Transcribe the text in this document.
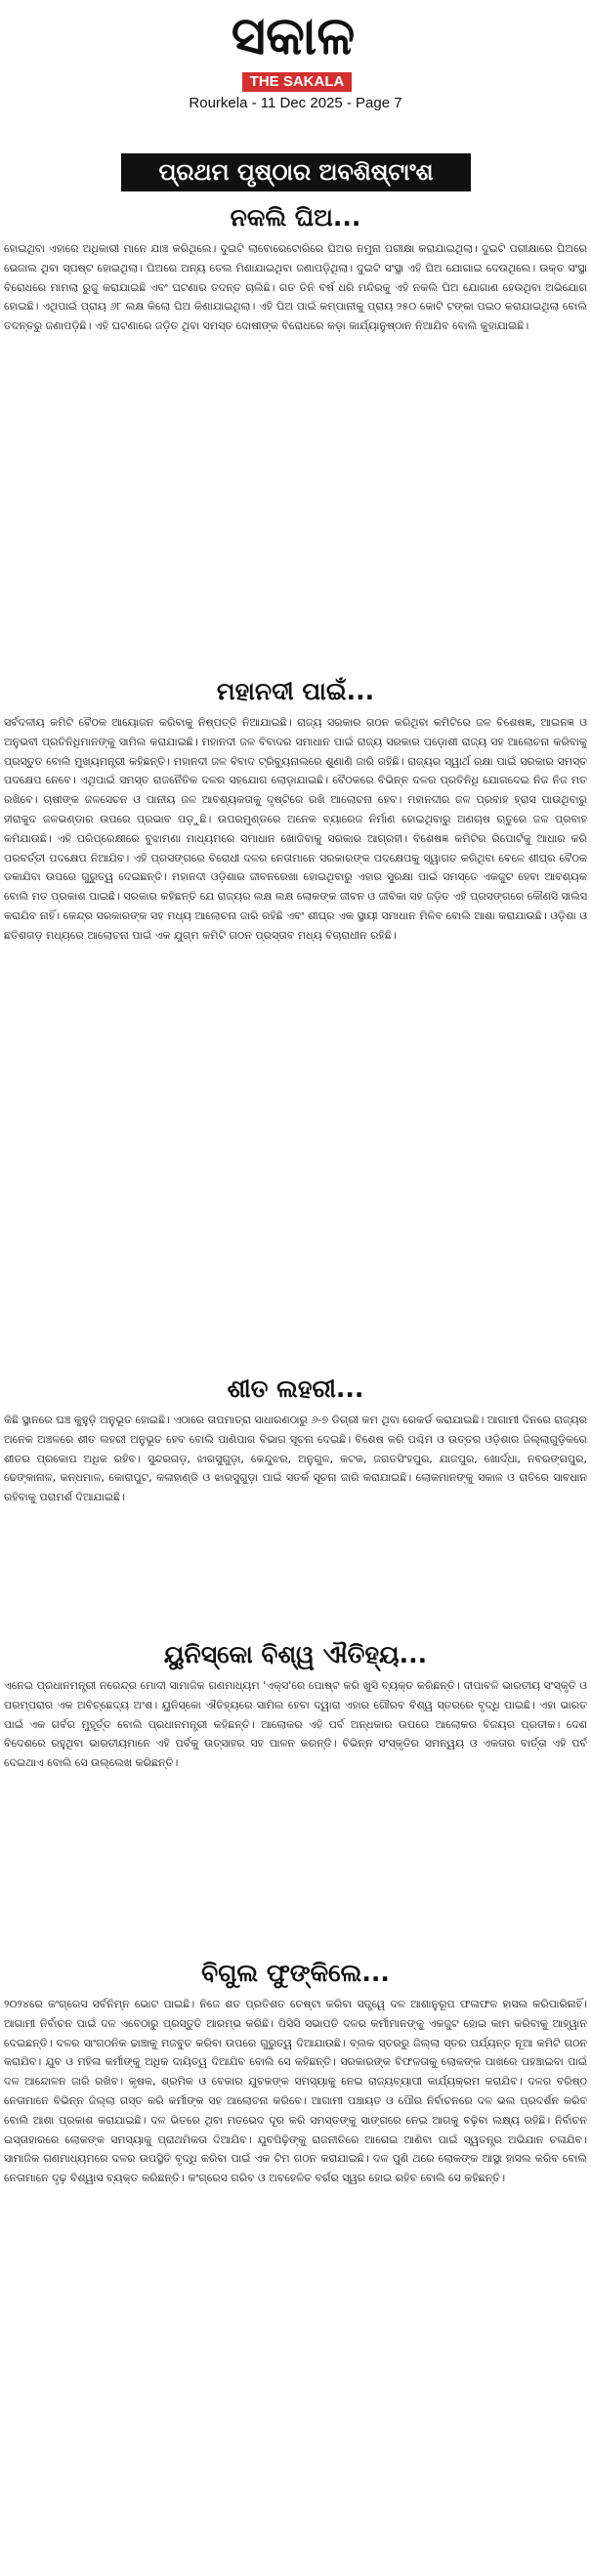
ସକାଳ
THE SAKALA
Rourkela - 11 Dec 2025 - Page 7
ପ୍ରଥମ ପୃଷ୍ଠାର ଅବଶିଷ୍ଟାଂଶ
ନକଲି ଘିଅ...

ହୋଇଥିବା ଏହାରେ ଅଧିକାରୀ ମାନେ ଯାଞ୍ଚ କରିଥିଲେ। ଦୁଇଟି ଲାବୋରେଟୋରିରେ ଘିଅର ନମୁନା ପରୀକ୍ଷା କରାଯାଇଥିଲା। ଦୁଇଟି ପରୀକ୍ଷାରେ ଘିଅରେ ଭେଜାଲ ଥିବା ସ୍ପଷ୍ଟ ହୋଇଥିଲା। ଘିଅରେ ଅନ୍ୟ ତେଲ ମିଶାଯାଇଥିବା ଜଣାପଡ଼ିଥିଲା। ଦୁଇଟି ସଂସ୍ଥା ଏହି ଘିଅ ଯୋଗାଇ ଦେଉଥିଲେ। ଉକ୍ତ ସଂସ୍ଥା ବିରୋଧରେ ମାମଲା ରୁଜୁ କରାଯାଇଛି ଏବଂ ଘଟଣାର ତଦନ୍ତ ଚାଲିଛି। ଗତ ତିନି ବର୍ଷ ଧରି ମନ୍ଦିରକୁ ଏହି ନକଲି ଘିଅ ଯୋଗାଣ ହେଉଥିବା ଅଭିଯୋଗ ହୋଇଛି। ଏଥିପାଇଁ ପ୍ରାୟ ୬୮ ଲକ୍ଷ କିଲୋ ଘିଅ କିଣାଯାଇଥିଲା। ଏହି ଘିଅ ପାଇଁ କମ୍ପାନୀକୁ ପ୍ରାୟ ୨୫୦ କୋଟି ଟଙ୍କା ପଇଠ କରାଯାଇଥିଲା ବୋଲି ତଦନ୍ତରୁ ଜଣାପଡ଼ିଛି। ଏହି ଘଟଣାରେ ଜଡ଼ିତ ଥିବା ସମସ୍ତ ଦୋଷୀଙ୍କ ବିରୋଧରେ କଡ଼ା କାର୍ଯ୍ୟାନୁଷ୍ଠାନ ନିଆଯିବ ବୋଲି କୁହାଯାଇଛି।

ମହାନଦୀ ପାଇଁ...

ସର୍ବଦଳୀୟ କମିଟି ବୈଠକ ଆୟୋଜନ କରିବାକୁ ନିଷ୍ପତ୍ତି ନିଆଯାଇଛି। ରାଜ୍ୟ ସରକାର ଗଠନ କରିଥିବା କମିଟିରେ ଜଳ ବିଶେଷଜ୍ଞ, ଆଇନଜ୍ଞ ଓ ଅନୁଭବୀ ପ୍ରତିନିଧିମାନଙ୍କୁ ସାମିଲ କରାଯାଇଛି। ମହାନଦୀ ଜଳ ବିବାଦର ସମାଧାନ ପାଇଁ ରାଜ୍ୟ ସରକାର ପଡ଼ୋଶୀ ରାଜ୍ୟ ସହ ଆଲୋଚନା କରିବାକୁ ପ୍ରସ୍ତୁତ ବୋଲି ମୁଖ୍ୟମନ୍ତ୍ରୀ କହିଛନ୍ତି। ମହାନଦୀ ଜଳ ବିବାଦ ଟ୍ରିବ୍ୟୁନାଲରେ ଶୁଣାଣି ଜାରି ରହିଛି। ରାଜ୍ୟର ସ୍ୱାର୍ଥ ରକ୍ଷା ପାଇଁ ସରକାର ସମସ୍ତ ପଦକ୍ଷେପ ନେବେ। ଏଥିପାଇଁ ସମସ୍ତ ରାଜନୈତିକ ଦଳର ସହଯୋଗ ଲୋଡ଼ାଯାଇଛି। ବୈଠକରେ ବିଭିନ୍ନ ଦଳର ପ୍ରତିନିଧି ଯୋଗଦେଇ ନିଜ ନିଜ ମତ ରଖିବେ। ଚାଷୀଙ୍କ ଜଳସେଚନ ଓ ପାନୀୟ ଜଳ ଆବଶ୍ୟକତାକୁ ଦୃଷ୍ଟିରେ ରଖି ଆଲୋଚନା ହେବ। ମହାନଦୀର ଜଳ ପ୍ରବାହ ହ୍ରାସ ପାଉଥିବାରୁ ହୀରାକୁଦ ଜଳଭଣ୍ଡାର ଉପରେ ପ୍ରଭାବ ପଡ଼ୁଛି। ଉପରମୁଣ୍ଡରେ ଅନେକ ବ୍ୟାରେଜ ନିର୍ମାଣ ହୋଇଥିବାରୁ ଅଣଚାଷ ଋତୁରେ ଜଳ ପ୍ରବାହ କମିଯାଉଛି। ଏହି ପରିପ୍ରେକ୍ଷୀରେ ବୁଝାମଣା ମାଧ୍ୟମରେ ସମାଧାନ ଖୋଜିବାକୁ ସରକାର ଆଗ୍ରହୀ। ବିଶେଷଜ୍ଞ କମିଟିର ରିପୋର୍ଟକୁ ଆଧାର କରି ପରବର୍ତ୍ତୀ ପଦକ୍ଷେପ ନିଆଯିବ। ଏହି ପ୍ରସଙ୍ଗରେ ବିରୋଧୀ ଦଳର ନେତାମାନେ ସରକାରଙ୍କ ପଦକ୍ଷେପକୁ ସ୍ୱାଗତ କରିଥିବା ବେଳେ ଶୀଘ୍ର ବୈଠକ ଡକାଯିବା ଉପରେ ଗୁରୁତ୍ୱ ଦେଇଛନ୍ତି। ମହାନଦୀ ଓଡ଼ିଶାର ଜୀବନରେଖା ହୋଇଥିବାରୁ ଏହାର ସୁରକ୍ଷା ପାଇଁ ସମସ୍ତେ ଏକଜୁଟ ହେବା ଆବଶ୍ୟକ ବୋଲି ମତ ପ୍ରକାଶ ପାଇଛି। ସରକାର କହିଛନ୍ତି ଯେ ରାଜ୍ୟର ଲକ୍ଷ ଲକ୍ଷ ଲୋକଙ୍କ ଜୀବନ ଓ ଜୀବିକା ସହ ଜଡ଼ିତ ଏହି ପ୍ରସଙ୍ଗରେ କୌଣସି ସାଲିସ କରାଯିବ ନାହିଁ। କେନ୍ଦ୍ର ସରକାରଙ୍କ ସହ ମଧ୍ୟ ଆଲୋଚନା ଜାରି ରହିଛି ଏବଂ ଶୀଘ୍ର ଏକ ସ୍ଥାୟୀ ସମାଧାନ ମିଳିବ ବୋଲି ଆଶା କରାଯାଉଛି। ଓଡ଼ିଶା ଓ ଛତିଶଗଡ଼ ମଧ୍ୟରେ ଆଲୋଚନା ପାଇଁ ଏକ ଯୁଗ୍ମ କମିଟି ଗଠନ ପ୍ରସ୍ତାବ ମଧ୍ୟ ବିଚାରାଧୀନ ରହିଛି।

ଶୀତ ଲହରୀ...

କିଛି ସ୍ଥାନରେ ଘଞ୍ଚ କୁହୁଡ଼ି ଅନୁଭୂତ ହୋଇଛି। ଏଠାରେ ତାପମାତ୍ରା ସାଧାରଣଠାରୁ ୬-୭ ଡିଗ୍ରୀ କମ ଥିବା ରେକର୍ଡ କରାଯାଇଛି। ଆଗାମୀ ଦିନରେ ରାଜ୍ୟର ଅନେକ ଅଞ୍ଚଳରେ ଶୀତ ଲହରୀ ଅନୁଭୂତ ହେବ ବୋଲି ପାଣିପାଗ ବିଭାଗ ସୂଚନା ଦେଇଛି। ବିଶେଷ କରି ପଶ୍ଚିମ ଓ ଉତ୍ତର ଓଡ଼ିଶାର ଜିଲ୍ଲାଗୁଡ଼ିକରେ ଶୀତର ପ୍ରକୋପ ଅଧିକ ରହିବ। ସୁନ୍ଦରଗଡ଼, ଝାରସୁଗୁଡ଼ା, କେନ୍ଦୁଝର, ଅନୁଗୁଳ, କଟକ, ଜଗତସିଂହପୁର, ଯାଜପୁର, ଖୋର୍ଦ୍ଧା, ନବରଙ୍ଗପୁର, ଢେଙ୍କାନାଳ, କନ୍ଧମାଳ, କୋରାପୁଟ, କଳାହାଣ୍ଡି ଓ ଝାରସୁଗୁଡ଼ା ପାଇଁ ସତର୍କ ସୂଚନା ଜାରି କରାଯାଇଛି। ଲୋକମାନଙ୍କୁ ସକାଳ ଓ ରାତିରେ ସାବଧାନ ରହିବାକୁ ପରାମର୍ଶ ଦିଆଯାଇଛି।

ୟୁନିସ୍କୋ ବିଶ୍ୱ ଐତିହ୍ୟ...

ଏନେଇ ପ୍ରଧାନମନ୍ତ୍ରୀ ନରେନ୍ଦ୍ର ମୋଦୀ ସାମାଜିକ ଗଣମାଧ୍ୟମ 'ଏକ୍ସ'ରେ ପୋଷ୍ଟ କରି ଖୁସି ବ୍ୟକ୍ତ କରିଛନ୍ତି। ଦୀପାବଳି ଭାରତୀୟ ସଂସ୍କୃତି ଓ ପରମ୍ପରାର ଏକ ଅବିଚ୍ଛେଦ୍ୟ ଅଂଶ। ୟୁନିସ୍କୋ ଐତିହ୍ୟରେ ସାମିଲ ହେବା ଦ୍ୱାରା ଏହାର ଗୌରବ ବିଶ୍ୱ ସ୍ତରରେ ବୃଦ୍ଧି ପାଇଛି। ଏହା ଭାରତ ପାଇଁ ଏକ ଗର୍ବର ମୁହୂର୍ତ୍ତ ବୋଲି ପ୍ରଧାନମନ୍ତ୍ରୀ କହିଛନ୍ତି। ଆଲୋକର ଏହି ପର୍ବ ଅନ୍ଧକାର ଉପରେ ଆଲୋକର ବିଜୟର ପ୍ରତୀକ। ଦେଶ ବିଦେଶରେ ରହୁଥିବା ଭାରତୀୟମାନେ ଏହି ପର୍ବକୁ ଉତ୍ସାହର ସହ ପାଳନ କରନ୍ତି। ବିଭିନ୍ନ ସଂସ୍କୃତିର ସମନ୍ୱୟ ଓ ଏକତାର ବାର୍ତ୍ତା ଏହି ପର୍ବ ଦେଇଥାଏ ବୋଲି ସେ ଉଲ୍ଲେଖ କରିଛନ୍ତି।

ବିଗୁଲ ଫୁଙ୍କିଲେ...

୨୦୨୪ରେ କଂଗ୍ରେସ ସର୍ବନିମ୍ନ ଭୋଟ ପାଇଛି। ନିଜେ ଶତ ପ୍ରତିଶତ ଚେଷ୍ଟା କରିବା ସତ୍ତ୍ୱେ ଦଳ ଆଶାନୁରୂପ ଫଳାଫଳ ହାସଲ କରିପାରିନାହିଁ। ଆଗାମୀ ନିର୍ବାଚନ ପାଇଁ ଦଳ ଏବେଠାରୁ ପ୍ରସ୍ତୁତି ଆରମ୍ଭ କରିଛି। ପିସିସି ସଭାପତି ଦଳର କର୍ମୀମାନଙ୍କୁ ଏକଜୁଟ ହୋଇ କାମ କରିବାକୁ ଆହ୍ୱାନ ଦେଇଛନ୍ତି। ଦଳର ସାଂଗଠନିକ ଢାଞ୍ଚାକୁ ମଜବୁତ କରିବା ଉପରେ ଗୁରୁତ୍ୱ ଦିଆଯାଉଛି। ବ୍ଲକ ସ୍ତରରୁ ଜିଲ୍ଲା ସ୍ତର ପର୍ଯ୍ୟନ୍ତ ନୂଆ କମିଟି ଗଠନ କରାଯିବ। ଯୁବ ଓ ମହିଳା କର୍ମୀଙ୍କୁ ଅଧିକ ଦାୟିତ୍ୱ ଦିଆଯିବ ବୋଲି ସେ କହିଛନ୍ତି। ସରକାରଙ୍କ ବିଫଳତାକୁ ଲୋକଙ୍କ ପାଖରେ ପହଞ୍ଚାଇବା ପାଇଁ ଦଳ ଆନ୍ଦୋଳନ ଜାରି ରଖିବ। କୃଷକ, ଶ୍ରମିକ ଓ ବେକାର ଯୁବକଙ୍କ ସମସ୍ୟାକୁ ନେଇ ରାଜ୍ୟବ୍ୟାପୀ କାର୍ଯ୍ୟକ୍ରମ କରାଯିବ। ଦଳର ବରିଷ୍ଠ ନେତାମାନେ ବିଭିନ୍ନ ଜିଲ୍ଲା ଗସ୍ତ କରି କର୍ମୀଙ୍କ ସହ ଆଲୋଚନା କରିବେ। ଆଗାମୀ ପଞ୍ଚାୟତ ଓ ପୌର ନିର୍ବାଚନରେ ଦଳ ଭଲ ପ୍ରଦର୍ଶନ କରିବ ବୋଲି ଆଶା ପ୍ରକାଶ କରାଯାଇଛି। ଦଳ ଭିତରେ ଥିବା ମତଭେଦ ଦୂର କରି ସମସ୍ତଙ୍କୁ ସାଙ୍ଗରେ ନେଇ ଆଗକୁ ବଢ଼ିବା ଲକ୍ଷ୍ୟ ରହିଛି। ନିର୍ବାଚନ ଇସ୍ତାହାରରେ ଲୋକଙ୍କ ସମସ୍ୟାକୁ ପ୍ରାଥମିକତା ଦିଆଯିବ। ଯୁବପିଢ଼ିଙ୍କୁ ରାଜନୀତିରେ ଆଗେଇ ଆଣିବା ପାଇଁ ସ୍ୱତନ୍ତ୍ର ଅଭିଯାନ ଚଳାଯିବ। ସାମାଜିକ ଗଣମାଧ୍ୟମରେ ଦଳର ଉପସ୍ଥିତି ବୃଦ୍ଧି କରିବା ପାଇଁ ଏକ ଟିମ ଗଠନ କରାଯାଇଛି। ଦଳ ପୁଣି ଥରେ ଲୋକଙ୍କ ଆସ୍ଥା ହାସଲ କରିବ ବୋଲି ନେତାମାନେ ଦୃଢ଼ ବିଶ୍ୱାସ ବ୍ୟକ୍ତ କରିଛନ୍ତି। କଂଗ୍ରେସ ଗରିବ ଓ ଅବହେଳିତ ବର୍ଗର ସ୍ୱର ହୋଇ ରହିବ ବୋଲି ସେ କହିଛନ୍ତି।
